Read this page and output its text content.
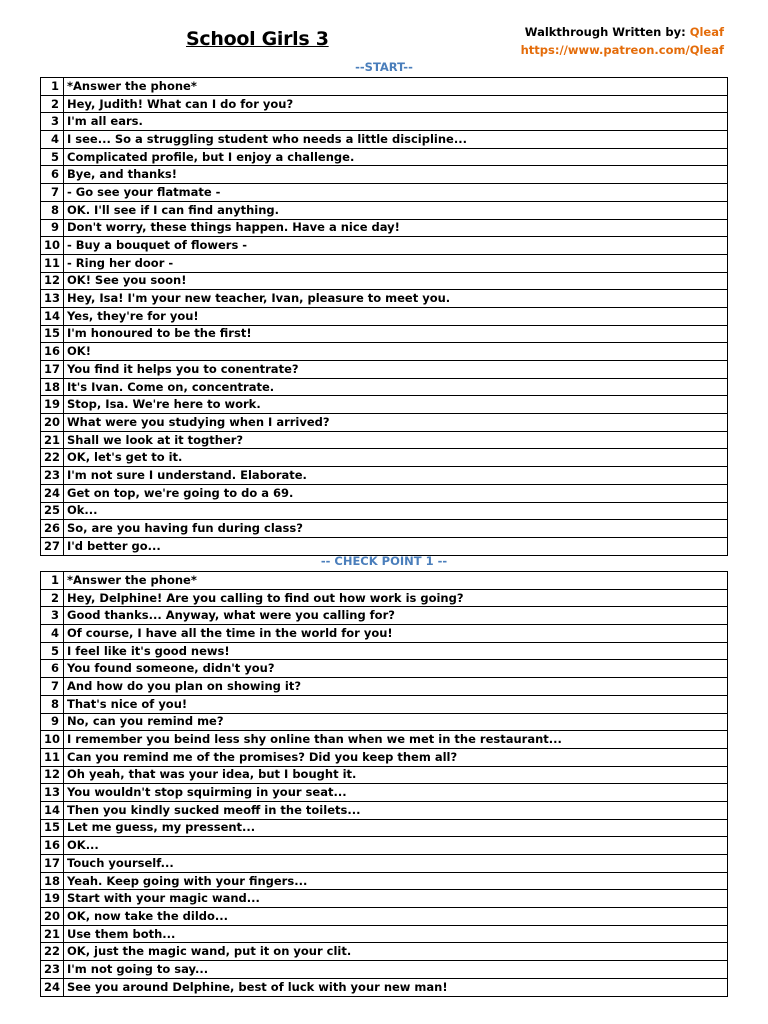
School Girls 3	Walkthrough Written by: Qleaf
https://www.patreon.com/Qleaf
--START--
1	*Answer the phone*
2	Hey, Judith! What can I do for you?
3	I'm all ears.
4	I see... So a struggling student who needs a little discipline...
5	Complicated profile, but I enjoy a challenge.
6	Bye, and thanks!
7	- Go see your flatmate -
8	OK. I'll see if I can find anything.
9	Don't worry, these things happen. Have a nice day!
10	- Buy a bouquet of flowers -
11	- Ring her door -
12	OK! See you soon!
13	Hey, Isa! I'm your new teacher, Ivan, pleasure to meet you.
14	Yes, they're for you!
15	I'm honoured to be the first!
16	OK!
17	You find it helps you to conentrate?
18	It's Ivan. Come on, concentrate.
19	Stop, Isa. We're here to work.
20	What were you studying when I arrived?
21	Shall we look at it togther?
22	OK, let's get to it.
23	I'm not sure I understand. Elaborate.
24	Get on top, we're going to do a 69.
25	Ok...
26	So, are you having fun during class?
27	I'd better go...
-- CHECK POINT 1 --
1	*Answer the phone*
2	Hey, Delphine! Are you calling to find out how work is going?
3	Good thanks... Anyway, what were you calling for?
4	Of course, I have all the time in the world for you!
5	I feel like it's good news!
6	You found someone, didn't you?
7	And how do you plan on showing it?
8	That's nice of you!
9	No, can you remind me?
10	I remember you beind less shy online than when we met in the restaurant...
11	Can you remind me of the promises? Did you keep them all?
12	Oh yeah, that was your idea, but I bought it.
13	You wouldn't stop squirming in your seat...
14	Then you kindly sucked meoff in the toilets...
15	Let me guess, my pressent...
16	OK...
17	Touch yourself...
18	Yeah. Keep going with your fingers...
19	Start with your magic wand...
20	OK, now take the dildo...
21	Use them both...
22	OK, just the magic wand, put it on your clit.
23	I'm not going to say...
24	See you around Delphine, best of luck with your new man!
